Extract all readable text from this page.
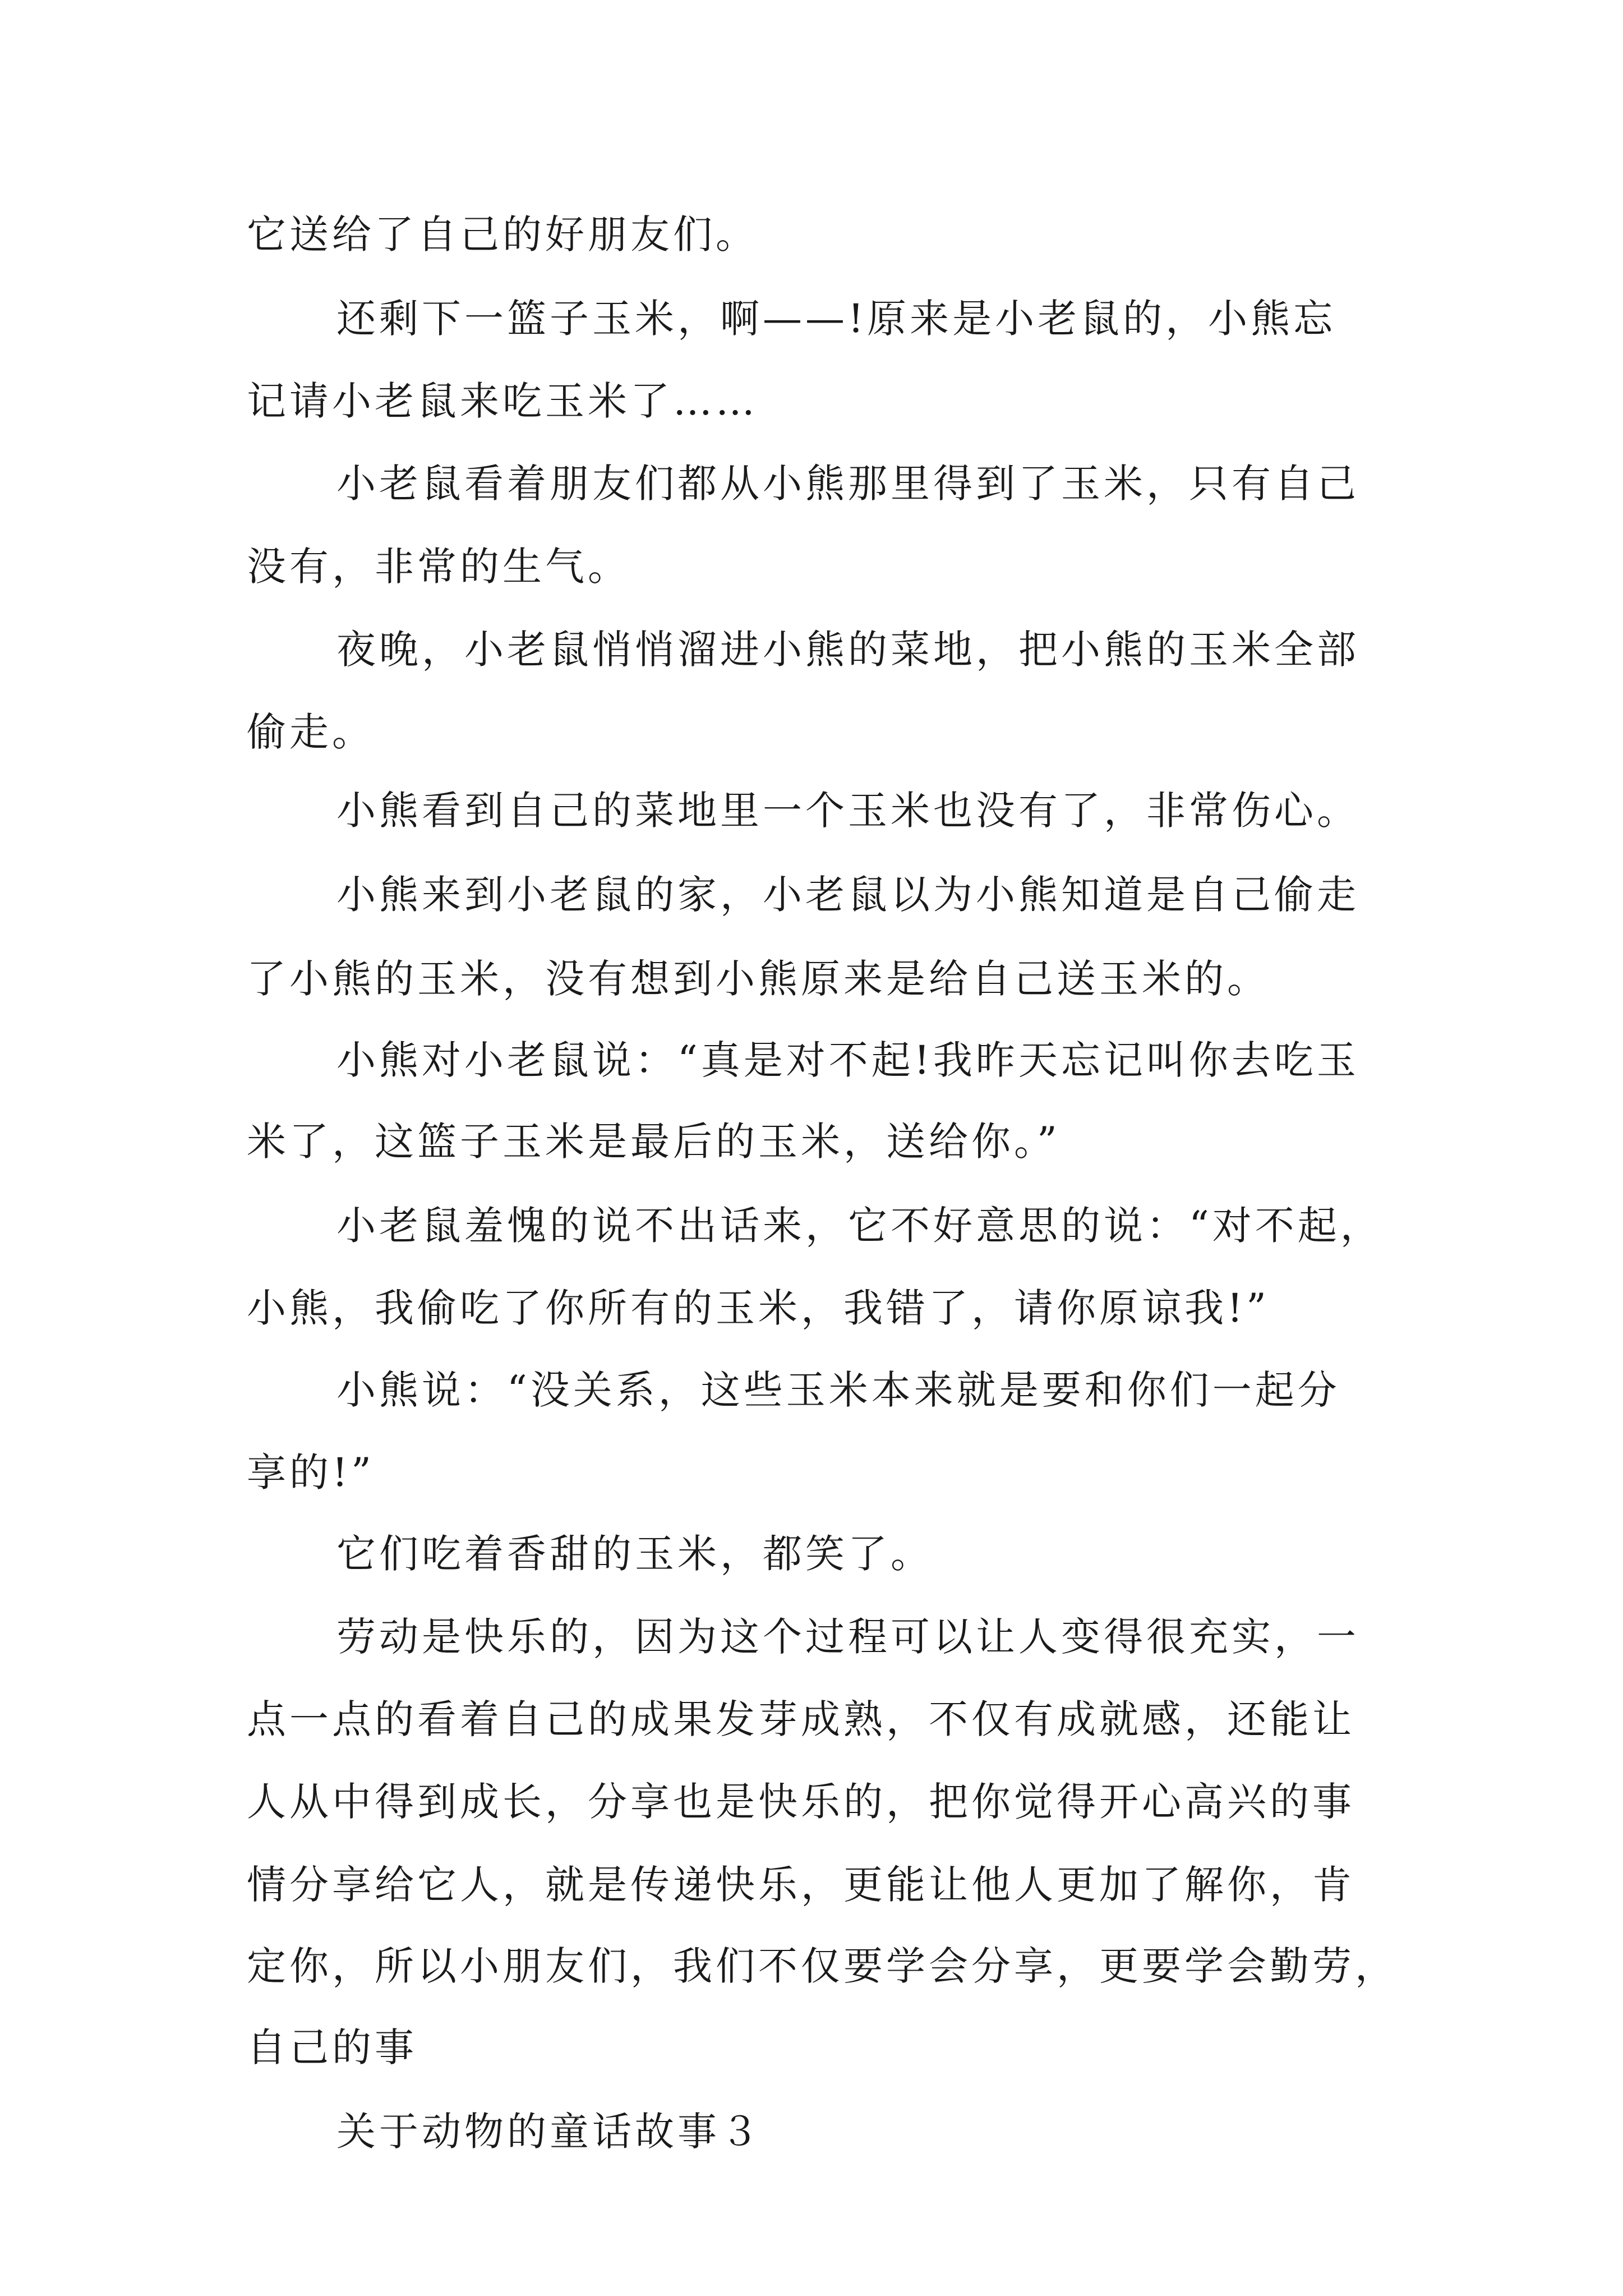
它送给了自己的好朋友们。
还剩下一篮子玉米，啊——!原来是小老鼠的，小熊忘
记请小老鼠来吃玉米了……
小老鼠看着朋友们都从小熊那里得到了玉米，只有自己
没有，非常的生气。
夜晚，小老鼠悄悄溜进小熊的菜地，把小熊的玉米全部
偷走。
小熊看到自己的菜地里一个玉米也没有了，非常伤心。
小熊来到小老鼠的家，小老鼠以为小熊知道是自己偷走
了小熊的玉米，没有想到小熊原来是给自己送玉米的。
小熊对小老鼠说：“真是对不起!我昨天忘记叫你去吃玉
米了，这篮子玉米是最后的玉米，送给你。”
小老鼠羞愧的说不出话来，它不好意思的说：“对不起，
小熊，我偷吃了你所有的玉米，我错了，请你原谅我!”
小熊说：“没关系，这些玉米本来就是要和你们一起分
享的!”
它们吃着香甜的玉米，都笑了。
劳动是快乐的，因为这个过程可以让人变得很充实，一
点一点的看着自己的成果发芽成熟，不仅有成就感，还能让
人从中得到成长，分享也是快乐的，把你觉得开心高兴的事
情分享给它人，就是传递快乐，更能让他人更加了解你，肯
定你，所以小朋友们，我们不仅要学会分享，更要学会勤劳，
自己的事
关于动物的童话故事３
